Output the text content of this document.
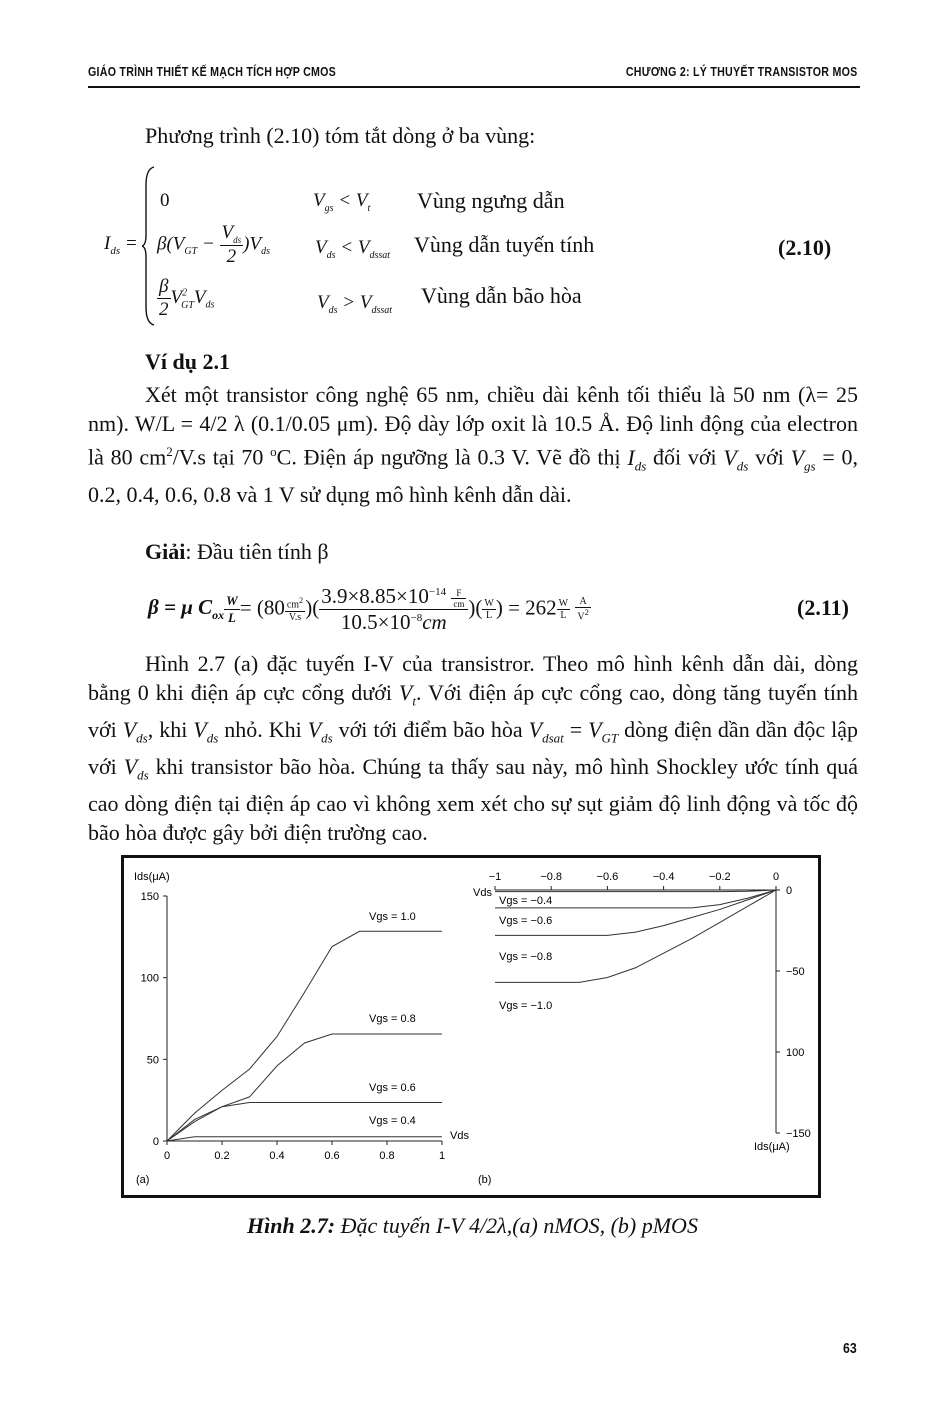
GIÁO TRÌNH THIẾT KẾ MẠCH TÍCH HỢP CMOS	CHƯƠNG 2: LÝ THUYẾT TRANSISTOR MOS
Phương trình (2.10) tóm tắt dòng ở ba vùng:
$I_{ds}$ =
0	$V_{gs} < V_t$ Vùng ngưng dẫn
$\beta(V_{GT} - \frac{V_{ds}}{2} )V_{ds}$ $V_{ds} < V_{dssat}$ Vùng dẫn tuyến tính	(2.10)
$\frac{\beta}{2} V^2_{GT}V_{ds}$	$V_{ds} > V_{dssat}$
Vùng dẫn bão hòa
Ví dụ 2.1
Xét một transistor công nghệ 65 nm, chiều dài kênh tối thiểu là 50 nm (λ= 25 nm). W/L = 4/2 λ (0.1/0.05 μm). Độ dày lớp oxit là 10.5 Å. Độ linh động của electron là 80 $cm^2/V.s$ tại 70 $^o$C. Điện áp ngưỡng là 0.3 V. Vẽ đồ thị $I_{ds}$ đối với $V_{ds}$ với $V_{gs} = 0$, 0.2, 0.4, 0.6, 0.8 và 1 V sử dụng mô hình kênh dẫn dài.
Giải: Đầu tiên tính β
β = μ $C_{ox} \frac{W}{L} = (80 \frac{cm^2}{V.s}$ )( $\frac{3.9\times 8.85\times 10^{-14} \frac{F}{cm}}{10.5\times 10^{-8}cm}$ )( $\frac{W}{L}$ ) = $262 \frac{W}{L}$
$\frac{A}{V^2}$	(2.11)
Hình 2.7 (a) đặc tuyến I-V của transistror. Theo mô hình kênh dẫn dài, dòng bằng 0 khi điện áp cực cổng dưới $V_t$. Với điện áp cực cổng cao, dòng tăng tuyến tính với $V_{ds}$, khi $V_{ds}$ nhỏ. Khi $V_{ds}$ với tới điểm bão hòa $V_{dsat} = V_{GT}$ dòng điện dần dần độc lập với $V_{ds}$ khi transistor bão hòa. Chúng ta thấy sau này, mô hình Shockley ước tính quá cao dòng điện tại điện áp cao vì không xem xét cho sự sụt giảm độ linh động và tốc độ bão hòa được gây bởi điện trường cao.
0	0.2	0.4	0.6	0.8	1
0
50
100
150
Ids(μA)
Vds
Vgs = 1.0
Vgs = 0.8
Vgs = 0.6
Vgs = 0.4
(a)
−1	−0.8	−0.6	−0.4	−0.2	0
0
−50
100
−150
Vds
Ids(μA)
Vgs = −0.4
Vgs = −0.6
Vgs = −0.8
Vgs = −1.0
(b)
Hình 2.7: Đặc tuyến I-V 4/2λ,(a) nMOS, (b) pMOS
63
